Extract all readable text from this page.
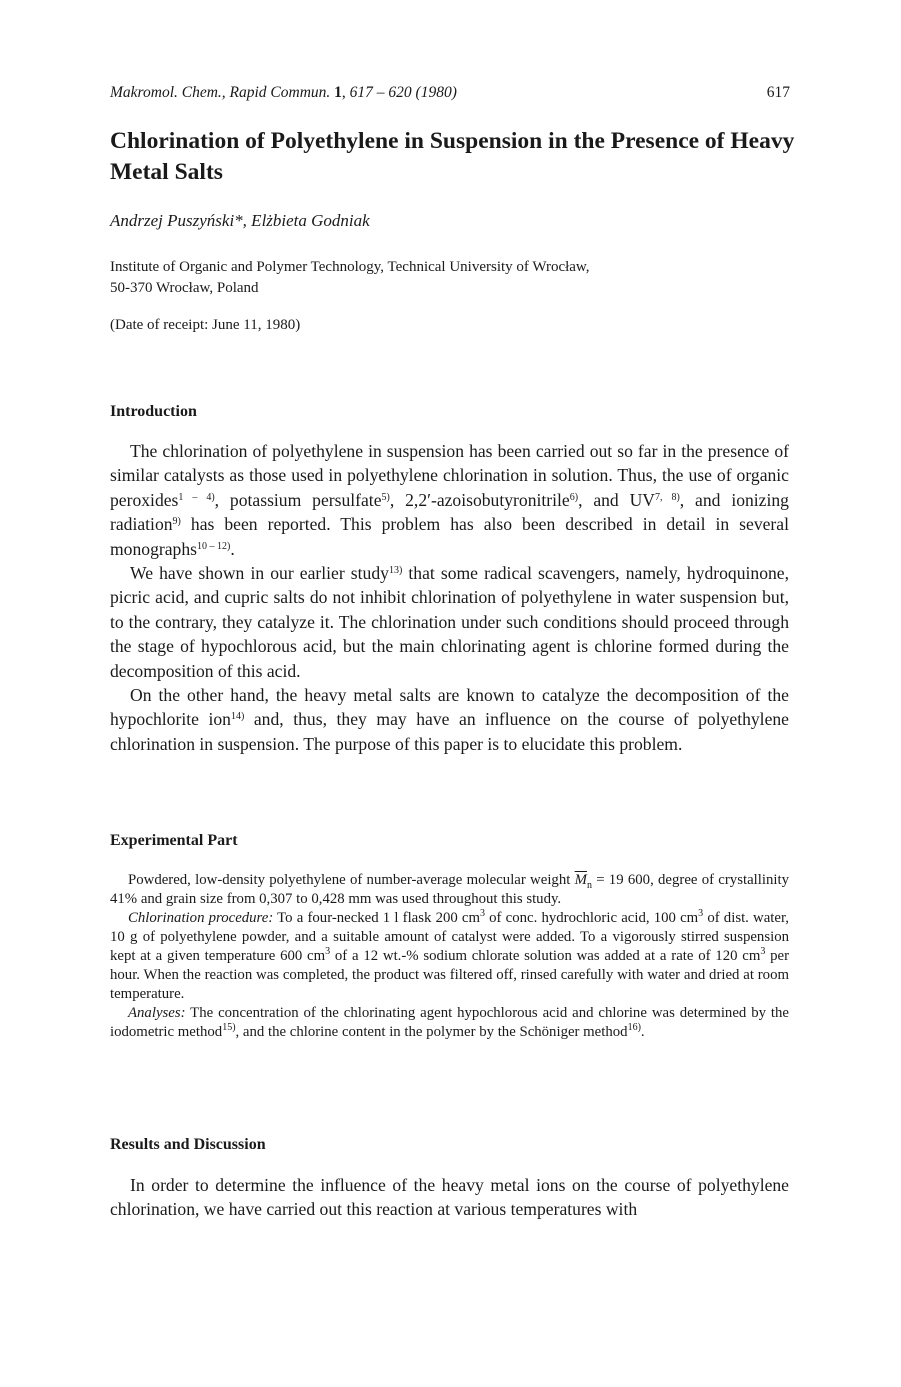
Makromol. Chem., Rapid Commun. 1, 617 – 620 (1980)	617
Chlorination of Polyethylene in Suspension in the Presence of Heavy Metal Salts
Andrzej Puszyński*, Elżbieta Godniak
Institute of Organic and Polymer Technology, Technical University of Wrocław,
50-370 Wrocław, Poland
(Date of receipt: June 11, 1980)
Introduction

The chlorination of polyethylene in suspension has been carried out so far in the presence of similar catalysts as those used in polyethylene chlorination in solution. Thus, the use of organic peroxides$^{1 - 4)}$, potassium persulfate$^{5)}$, 2,2′-azoisobutyronitrile$^{6)}$, and UV$^{7, 8)}$, and ionizing radiation$^{9)}$ has been reported. This problem has also been described in detail in several monographs$^{10 - 12)}$.

We have shown in our earlier study$^{13)}$ that some radical scavengers, namely, hydroquinone, picric acid, and cupric salts do not inhibit chlorination of polyethylene in water suspension but, to the contrary, they catalyze it. The chlorination under such conditions should proceed through the stage of hypochlorous acid, but the main chlorinating agent is chlorine formed during the decomposition of this acid.

On the other hand, the heavy metal salts are known to catalyze the decomposition of the hypochlorite ion$^{14)}$ and, thus, they may have an influence on the course of polyethylene chlorination in suspension. The purpose of this paper is to elucidate this problem.

Experimental Part

Powdered, low-density polyethylene of number-average molecular weight $\overline{M}_n = 19$ 600, degree of crystallinity 41% and grain size from 0,307 to 0,428 mm was used throughout this study.

Chlorination procedure: To a four-necked 1 l flask 200 $cm^3$ of conc. hydrochloric acid, 100 $cm^3$ of dist. water, 10 g of polyethylene powder, and a suitable amount of catalyst were added. To a vigorously stirred suspension kept at a given temperature 600 $cm^3$ of a 12 wt.-% sodium chlorate solution was added at a rate of 120 $cm^3$ per hour. When the reaction was completed, the product was filtered off, rinsed carefully with water and dried at room temperature.

Analyses: The concentration of the chlorinating agent hypochlorous acid and chlorine was determined by the iodometric method$^{15)}$, and the chlorine content in the polymer by the Schöniger method$^{16)}$.

Results and Discussion

In order to determine the influence of the heavy metal ions on the course of polyethylene chlorination, we have carried out this reaction at various temperatures with
